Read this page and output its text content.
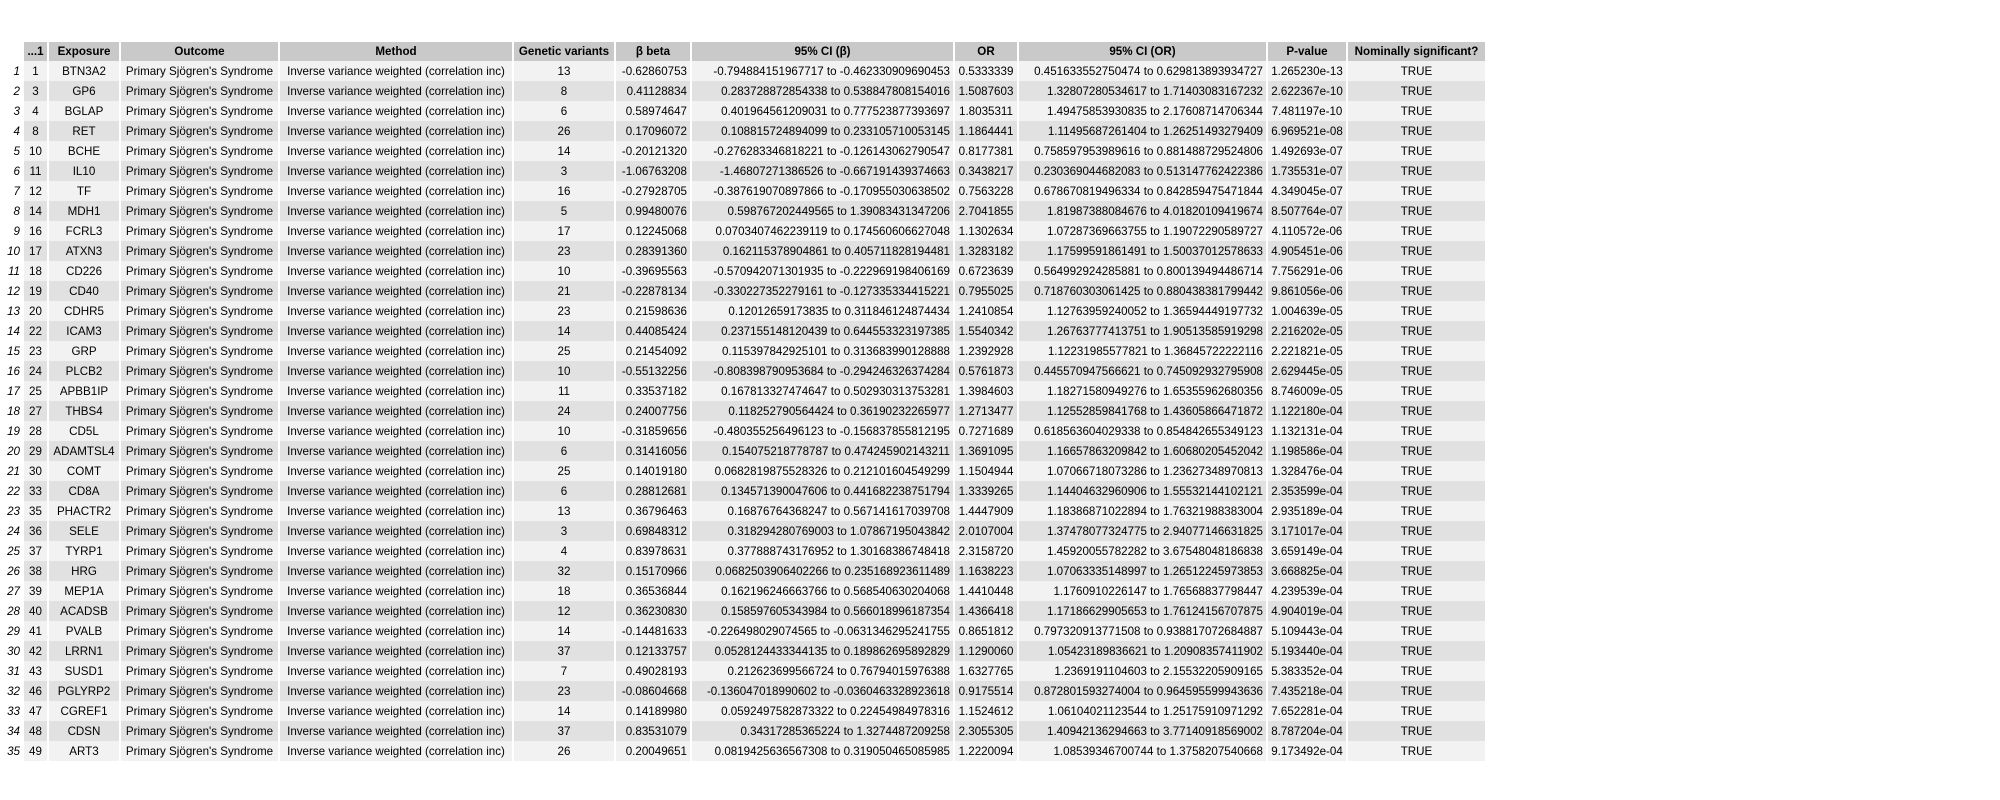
	...1	Exposure	Outcome	Method	Genetic variants	β beta	95% CI (β)	OR	95% CI (OR)	P-value	Nominally significant?
1	1	BTN3A2	Primary Sjögren's Syndrome	Inverse variance weighted (correlation inc)	13	-0.62860753	-0.794884151967717 to -0.462330909690453	0.5333339	0.451633552750474 to 0.629813893934727	1.265230e-13	TRUE
2	3	GP6	Primary Sjögren's Syndrome	Inverse variance weighted (correlation inc)	8	0.41128834	0.283728872854338 to 0.538847808154016	1.5087603	1.32807280534617 to 1.71403083167232	2.622367e-10	TRUE
3	4	BGLAP	Primary Sjögren's Syndrome	Inverse variance weighted (correlation inc)	6	0.58974647	0.401964561209031 to 0.777523877393697	1.8035311	1.49475853930835 to 2.17608714706344	7.481197e-10	TRUE
4	8	RET	Primary Sjögren's Syndrome	Inverse variance weighted (correlation inc)	26	0.17096072	0.108815724894099 to 0.233105710053145	1.1864441	1.11495687261404 to 1.26251493279409	6.969521e-08	TRUE
5	10	BCHE	Primary Sjögren's Syndrome	Inverse variance weighted (correlation inc)	14	-0.20121320	-0.276283346818221 to -0.126143062790547	0.8177381	0.758597953989616 to 0.881488729524806	1.492693e-07	TRUE
6	11	IL10	Primary Sjögren's Syndrome	Inverse variance weighted (correlation inc)	3	-1.06763208	-1.46807271386526 to -0.667191439374663	0.3438217	0.230369044682083 to 0.513147762422386	1.735531e-07	TRUE
7	12	TF	Primary Sjögren's Syndrome	Inverse variance weighted (correlation inc)	16	-0.27928705	-0.387619070897866 to -0.170955030638502	0.7563228	0.678670819496334 to 0.842859475471844	4.349045e-07	TRUE
8	14	MDH1	Primary Sjögren's Syndrome	Inverse variance weighted (correlation inc)	5	0.99480076	0.598767202449565 to 1.39083431347206	2.7041855	1.81987388084676 to 4.01820109419674	8.507764e-07	TRUE
9	16	FCRL3	Primary Sjögren's Syndrome	Inverse variance weighted (correlation inc)	17	0.12245068	0.0703407462239119 to 0.174560606627048	1.1302634	1.07287369663755 to 1.19072290589727	4.110572e-06	TRUE
10	17	ATXN3	Primary Sjögren's Syndrome	Inverse variance weighted (correlation inc)	23	0.28391360	0.162115378904861 to 0.405711828194481	1.3283182	1.17599591861491 to 1.50037012578633	4.905451e-06	TRUE
11	18	CD226	Primary Sjögren's Syndrome	Inverse variance weighted (correlation inc)	10	-0.39695563	-0.570942071301935 to -0.222969198406169	0.6723639	0.564992924285881 to 0.800139494486714	7.756291e-06	TRUE
12	19	CD40	Primary Sjögren's Syndrome	Inverse variance weighted (correlation inc)	21	-0.22878134	-0.330227352279161 to -0.127335334415221	0.7955025	0.718760303061425 to 0.880438381799442	9.861056e-06	TRUE
13	20	CDHR5	Primary Sjögren's Syndrome	Inverse variance weighted (correlation inc)	23	0.21598636	0.12012659173835 to 0.311846124874434	1.2410854	1.12763959240052 to 1.36594449197732	1.004639e-05	TRUE
14	22	ICAM3	Primary Sjögren's Syndrome	Inverse variance weighted (correlation inc)	14	0.44085424	0.237155148120439 to 0.644553323197385	1.5540342	1.26763777413751 to 1.90513585919298	2.216202e-05	TRUE
15	23	GRP	Primary Sjögren's Syndrome	Inverse variance weighted (correlation inc)	25	0.21454092	0.115397842925101 to 0.313683990128888	1.2392928	1.12231985577821 to 1.36845722222116	2.221821e-05	TRUE
16	24	PLCB2	Primary Sjögren's Syndrome	Inverse variance weighted (correlation inc)	10	-0.55132256	-0.808398790953684 to -0.294246326374284	0.5761873	0.445570947566621 to 0.745092932795908	2.629445e-05	TRUE
17	25	APBB1IP	Primary Sjögren's Syndrome	Inverse variance weighted (correlation inc)	11	0.33537182	0.167813327474647 to 0.502930313753281	1.3984603	1.18271580949276 to 1.65355962680356	8.746009e-05	TRUE
18	27	THBS4	Primary Sjögren's Syndrome	Inverse variance weighted (correlation inc)	24	0.24007756	0.118252790564424 to 0.36190232265977	1.2713477	1.12552859841768 to 1.43605866471872	1.122180e-04	TRUE
19	28	CD5L	Primary Sjögren's Syndrome	Inverse variance weighted (correlation inc)	10	-0.31859656	-0.480355256496123 to -0.156837855812195	0.7271689	0.618563604029338 to 0.854842655349123	1.132131e-04	TRUE
20	29	ADAMTSL4	Primary Sjögren's Syndrome	Inverse variance weighted (correlation inc)	6	0.31416056	0.154075218778787 to 0.474245902143211	1.3691095	1.16657863209842 to 1.60680205452042	1.198586e-04	TRUE
21	30	COMT	Primary Sjögren's Syndrome	Inverse variance weighted (correlation inc)	25	0.14019180	0.0682819875528326 to 0.212101604549299	1.1504944	1.07066718073286 to 1.23627348970813	1.328476e-04	TRUE
22	33	CD8A	Primary Sjögren's Syndrome	Inverse variance weighted (correlation inc)	6	0.28812681	0.134571390047606 to 0.441682238751794	1.3339265	1.14404632960906 to 1.55532144102121	2.353599e-04	TRUE
23	35	PHACTR2	Primary Sjögren's Syndrome	Inverse variance weighted (correlation inc)	13	0.36796463	0.16876764368247 to 0.567141617039708	1.4447909	1.18386871022894 to 1.76321988383004	2.935189e-04	TRUE
24	36	SELE	Primary Sjögren's Syndrome	Inverse variance weighted (correlation inc)	3	0.69848312	0.318294280769003 to 1.07867195043842	2.0107004	1.37478077324775 to 2.94077146631825	3.171017e-04	TRUE
25	37	TYRP1	Primary Sjögren's Syndrome	Inverse variance weighted (correlation inc)	4	0.83978631	0.377888743176952 to 1.30168386748418	2.3158720	1.45920055782282 to 3.67548048186838	3.659149e-04	TRUE
26	38	HRG	Primary Sjögren's Syndrome	Inverse variance weighted (correlation inc)	32	0.15170966	0.0682503906402266 to 0.235168923611489	1.1638223	1.07063335148997 to 1.26512245973853	3.668825e-04	TRUE
27	39	MEP1A	Primary Sjögren's Syndrome	Inverse variance weighted (correlation inc)	18	0.36536844	0.162196246663766 to 0.568540630204068	1.4410448	1.1760910226147 to 1.76568837798447	4.239539e-04	TRUE
28	40	ACADSB	Primary Sjögren's Syndrome	Inverse variance weighted (correlation inc)	12	0.36230830	0.158597605343984 to 0.566018996187354	1.4366418	1.17186629905653 to 1.76124156707875	4.904019e-04	TRUE
29	41	PVALB	Primary Sjögren's Syndrome	Inverse variance weighted (correlation inc)	14	-0.14481633	-0.226498029074565 to -0.0631346295241755	0.8651812	0.797320913771508 to 0.938817072684887	5.109443e-04	TRUE
30	42	LRRN1	Primary Sjögren's Syndrome	Inverse variance weighted (correlation inc)	37	0.12133757	0.0528124433344135 to 0.189862695892829	1.1290060	1.05423189836621 to 1.20908357411902	5.193440e-04	TRUE
31	43	SUSD1	Primary Sjögren's Syndrome	Inverse variance weighted (correlation inc)	7	0.49028193	0.212623699566724 to 0.76794015976388	1.6327765	1.2369191104603 to 2.15532205909165	5.383352e-04	TRUE
32	46	PGLYRP2	Primary Sjögren's Syndrome	Inverse variance weighted (correlation inc)	23	-0.08604668	-0.136047018990602 to -0.0360463328923618	0.9175514	0.872801593274004 to 0.964595599943636	7.435218e-04	TRUE
33	47	CGREF1	Primary Sjögren's Syndrome	Inverse variance weighted (correlation inc)	14	0.14189980	0.0592497582873322 to 0.22454984978316	1.1524612	1.06104021123544 to 1.25175910971292	7.652281e-04	TRUE
34	48	CDSN	Primary Sjögren's Syndrome	Inverse variance weighted (correlation inc)	37	0.83531079	0.34317285365224 to 1.3274487209258	2.3055305	1.40942136294663 to 3.77140918569002	8.787204e-04	TRUE
35	49	ART3	Primary Sjögren's Syndrome	Inverse variance weighted (correlation inc)	26	0.20049651	0.0819425636567308 to 0.319050465085985	1.2220094	1.08539346700744 to 1.3758207540668	9.173492e-04	TRUE
